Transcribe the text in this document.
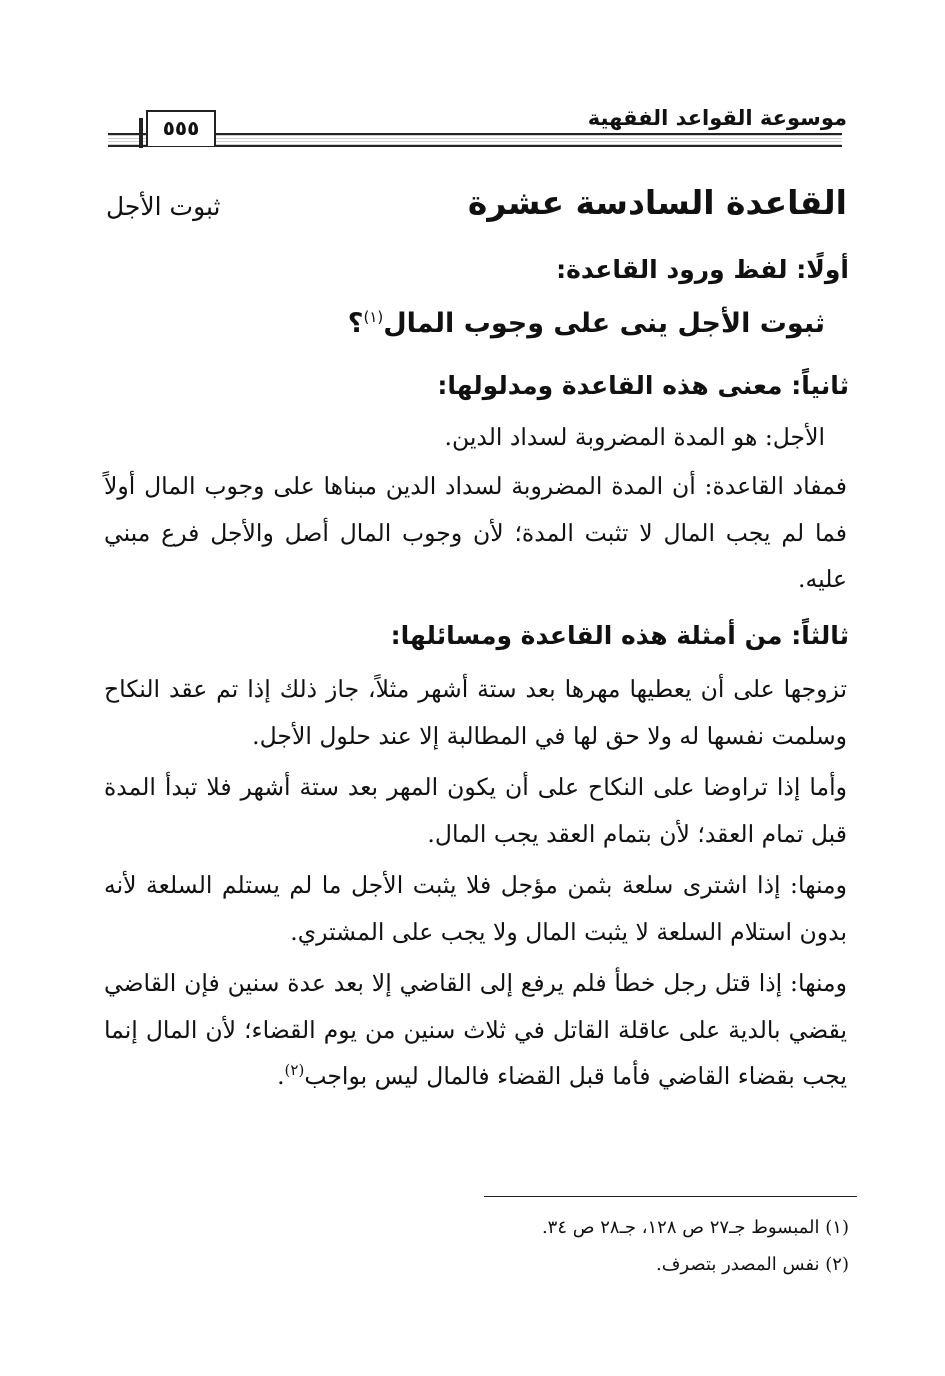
موسوعة القواعد الفقهية
٥٥٥
القاعدة السادسة عشرة
ثبوت الأجل
أولًا: لفظ ورود القاعدة:
ثبوت الأجل ينى على وجوب المال$^{(١)}$؟
ثانياً: معنى هذه القاعدة ومدلولها:

الأجل: هو المدة المضروبة لسداد الدين.

فمفاد القاعدة: أن المدة المضروبة لسداد الدين مبناها على وجوب المال أولاً فما لم يجب المال لا تثبت المدة؛ لأن وجوب المال أصل والأجل فرع مبني عليه.

ثالثاً: من أمثلة هذه القاعدة ومسائلها:

تزوجها على أن يعطيها مهرها بعد ستة أشهر مثلاً، جاز ذلك إذا تم عقد النكاح وسلمت نفسها له ولا حق لها في المطالبة إلا عند حلول الأجل.

وأما إذا تراوضا على النكاح على أن يكون المهر بعد ستة أشهر فلا تبدأ المدة قبل تمام العقد؛ لأن بتمام العقد يجب المال.

ومنها: إذا اشترى سلعة بثمن مؤجل فلا يثبت الأجل ما لم يستلم السلعة لأنه بدون استلام السلعة لا يثبت المال ولا يجب على المشتري.

ومنها: إذا قتل رجل خطأ فلم يرفع إلى القاضي إلا بعد عدة سنين فإن القاضي يقضي بالدية على عاقلة القاتل في ثلاث سنين من يوم القضاء؛ لأن المال إنما يجب بقضاء القاضي فأما قبل القضاء فالمال ليس بواجب$^{(٢)}$.

(١) المبسوط جـ٢٧ ص ١٢٨، جـ٢٨ ص ٣٤.
(٢) نفس المصدر بتصرف.
